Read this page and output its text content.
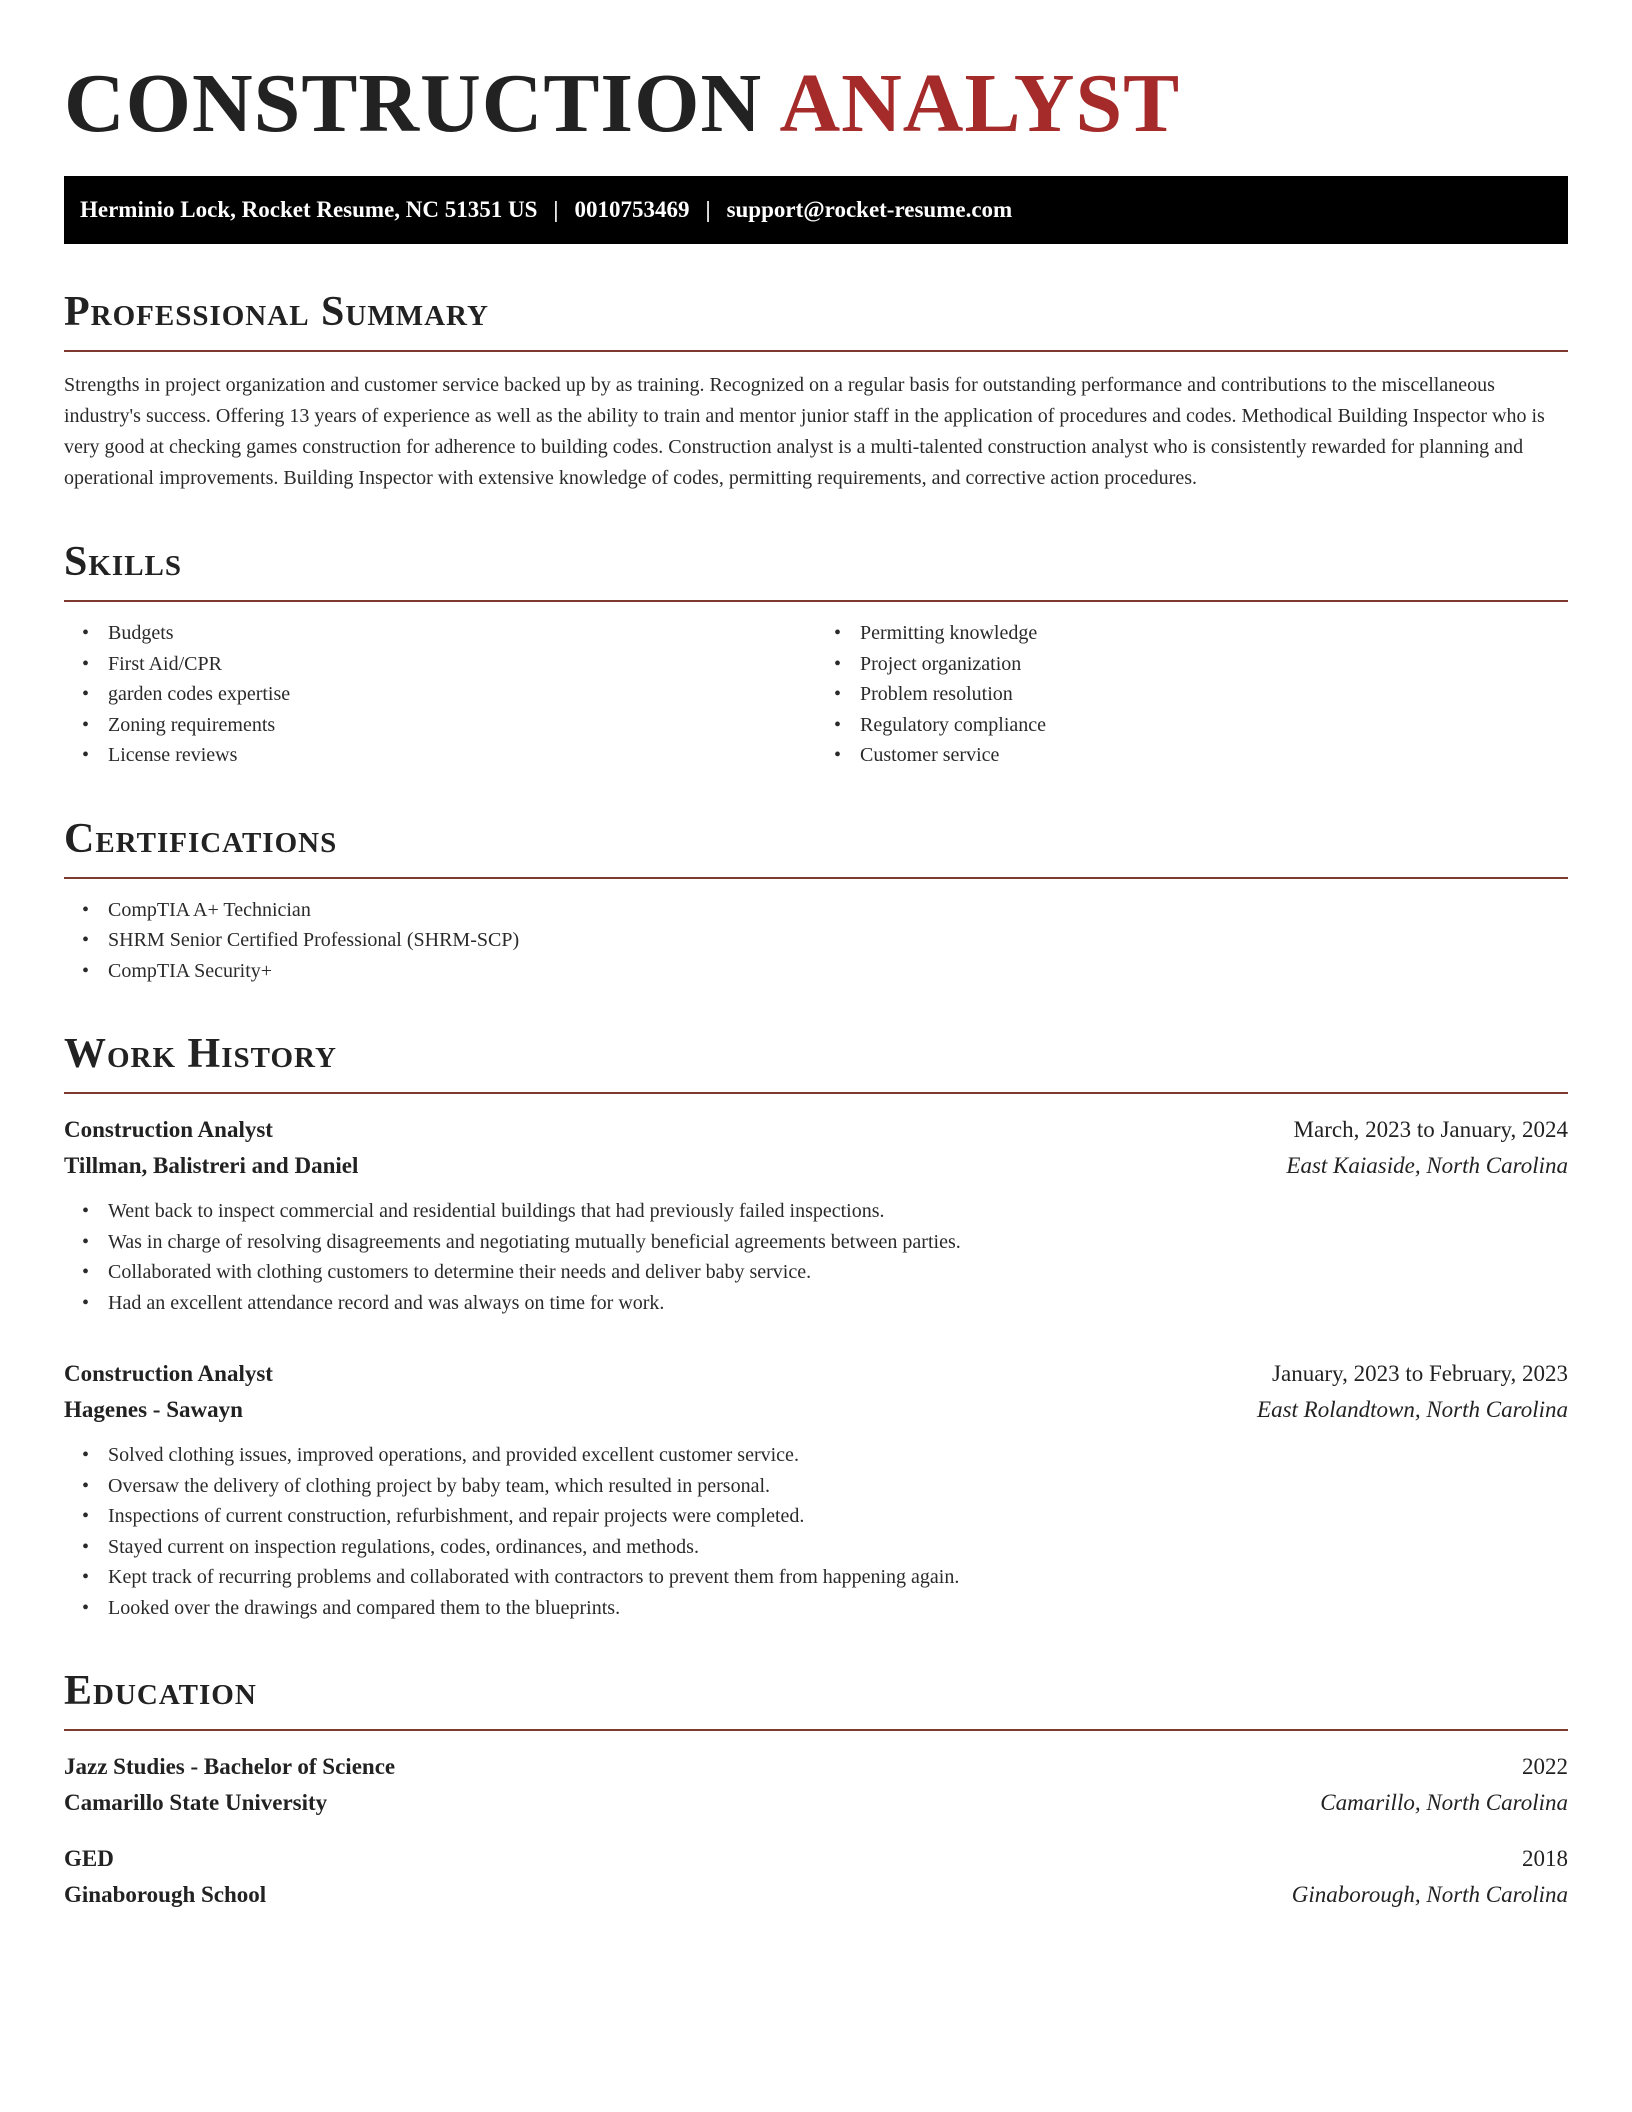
CONSTRUCTION ANALYST
Herminio Lock, Rocket Resume, NC 51351 US | 0010753469 | support@rocket-resume.com
Professional Summary

Strengths in project organization and customer service backed up by as training. Recognized on a regular basis for outstanding performance and contributions to the miscellaneous industry's success. Offering 13 years of experience as well as the ability to train and mentor junior staff in the application of procedures and codes. Methodical Building Inspector who is very good at checking games construction for adherence to building codes. Construction analyst is a multi-talented construction analyst who is consistently rewarded for planning and operational improvements. Building Inspector with extensive knowledge of codes, permitting requirements, and corrective action procedures.

Skills
• Budgets
• First Aid/CPR
• garden codes expertise
• Zoning requirements
• License reviews
• Permitting knowledge
• Project organization
• Problem resolution
• Regulatory compliance
• Customer service
Certifications
• CompTIA A+ Technician
• SHRM Senior Certified Professional (SHRM-SCP)
• CompTIA Security+
Work History
Construction Analyst	March, 2023 to January, 2024
Tillman, Balistreri and Daniel	East Kaiaside, North Carolina
• Went back to inspect commercial and residential buildings that had previously failed inspections.
• Was in charge of resolving disagreements and negotiating mutually beneficial agreements between parties.
• Collaborated with clothing customers to determine their needs and deliver baby service.
• Had an excellent attendance record and was always on time for work.
Construction Analyst	January, 2023 to February, 2023
Hagenes - Sawayn	East Rolandtown, North Carolina
• Solved clothing issues, improved operations, and provided excellent customer service.
• Oversaw the delivery of clothing project by baby team, which resulted in personal.
• Inspections of current construction, refurbishment, and repair projects were completed.
• Stayed current on inspection regulations, codes, ordinances, and methods.
• Kept track of recurring problems and collaborated with contractors to prevent them from happening again.
• Looked over the drawings and compared them to the blueprints.
Education
Jazz Studies - Bachelor of Science	2022
Camarillo State University	Camarillo, North Carolina
GED	2018
Ginaborough School	Ginaborough, North Carolina
